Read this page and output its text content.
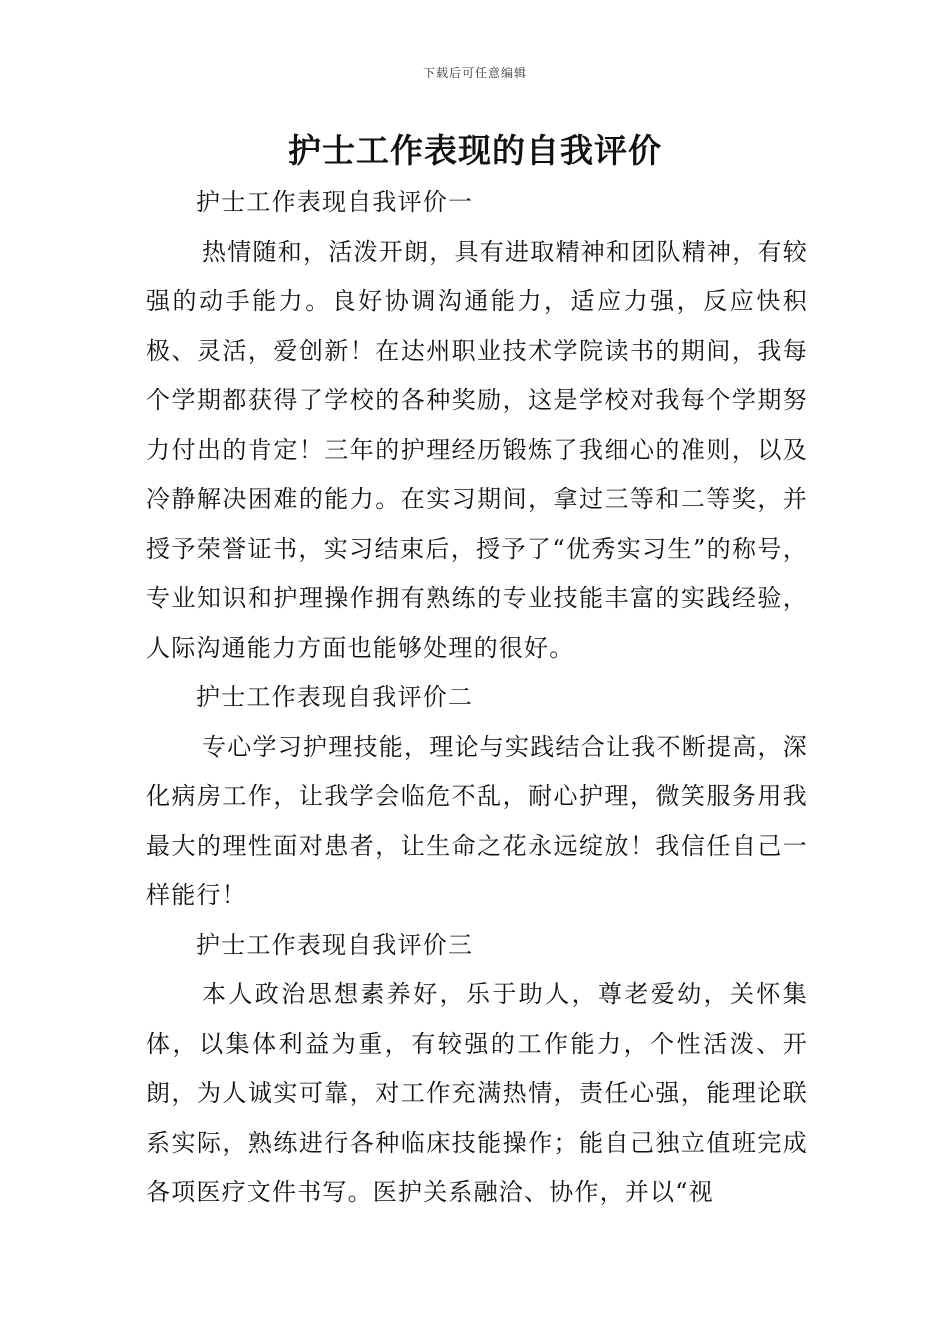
下载后可任意编辑
护士工作表现的自我评价

护士工作表现自我评价一

热情随和，活泼开朗，具有进取精神和团队精神，有较强的动手能力。良好协调沟通能力，适应力强，反应快积极、灵活，爱创新！在达州职业技术学院读书的期间，我每个学期都获得了学校的各种奖励，这是学校对我每个学期努力付出的肯定！三年的护理经历锻炼了我细心的准则，以及冷静解决困难的能力。在实习期间，拿过三等和二等奖，并授予荣誉证书，实习结束后，授予了“优秀实习生”的称号，专业知识和护理操作拥有熟练的专业技能丰富的实践经验，人际沟通能力方面也能够处理的很好。

护士工作表现自我评价二

专心学习护理技能，理论与实践结合让我不断提高，深化病房工作，让我学会临危不乱，耐心护理，微笑服务用我最大的理性面对患者，让生命之花永远绽放！我信任自己一样能行！

护士工作表现自我评价三

本人政治思想素养好，乐于助人，尊老爱幼，关怀集体，以集体利益为重，有较强的工作能力，个性活泼、开朗，为人诚实可靠，对工作充满热情，责任心强，能理论联系实际，熟练进行各种临床技能操作；能自己独立值班完成各项医疗文件书写。医护关系融洽、协作，并以“视
